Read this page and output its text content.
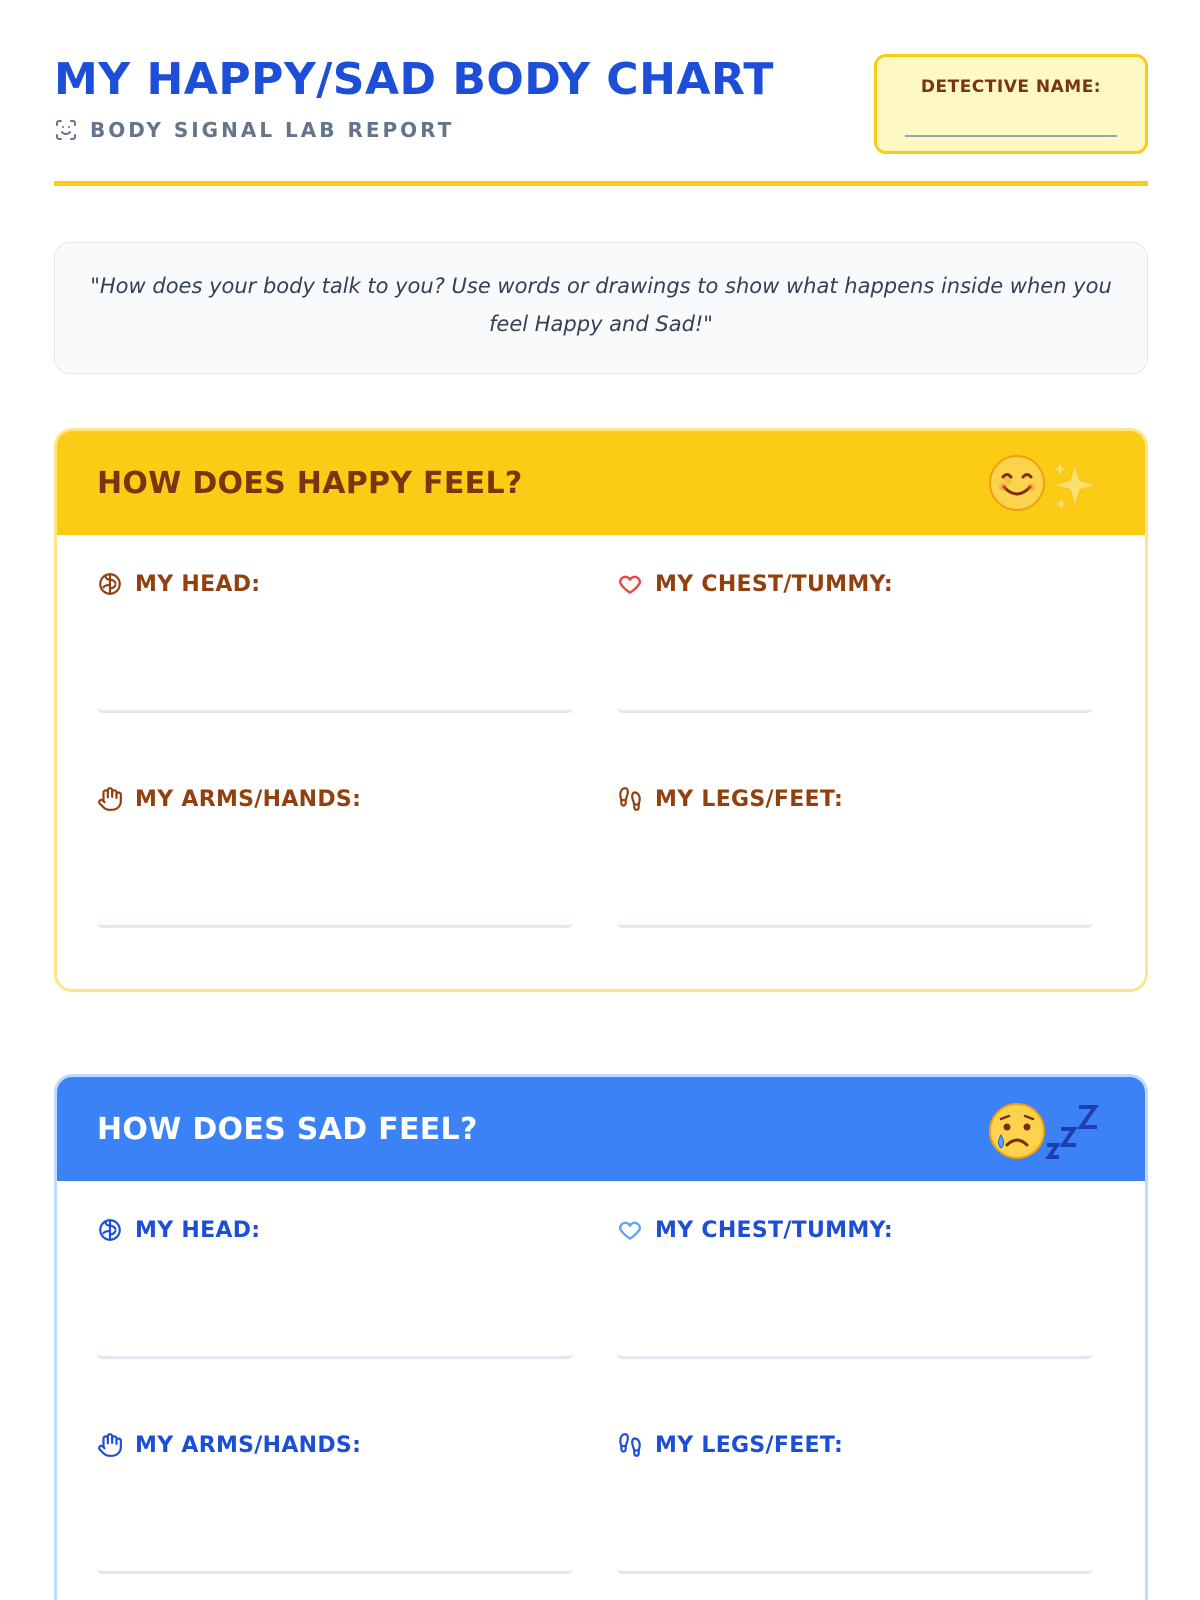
MY HAPPY/SAD BODY CHART
BODY SIGNAL LAB REPORT
DETECTIVE NAME:
"How does your body talk to you? Use words or drawings to show what happens inside when you feel Happy and Sad!"
HOW DOES HAPPY FEEL?
MY HEAD:	MY CHEST/TUMMY:
MY ARMS/HANDS:	MY LEGS/FEET:
HOW DOES SAD FEEL?
MY HEAD:	MY CHEST/TUMMY:
MY ARMS/HANDS:	MY LEGS/FEET:
